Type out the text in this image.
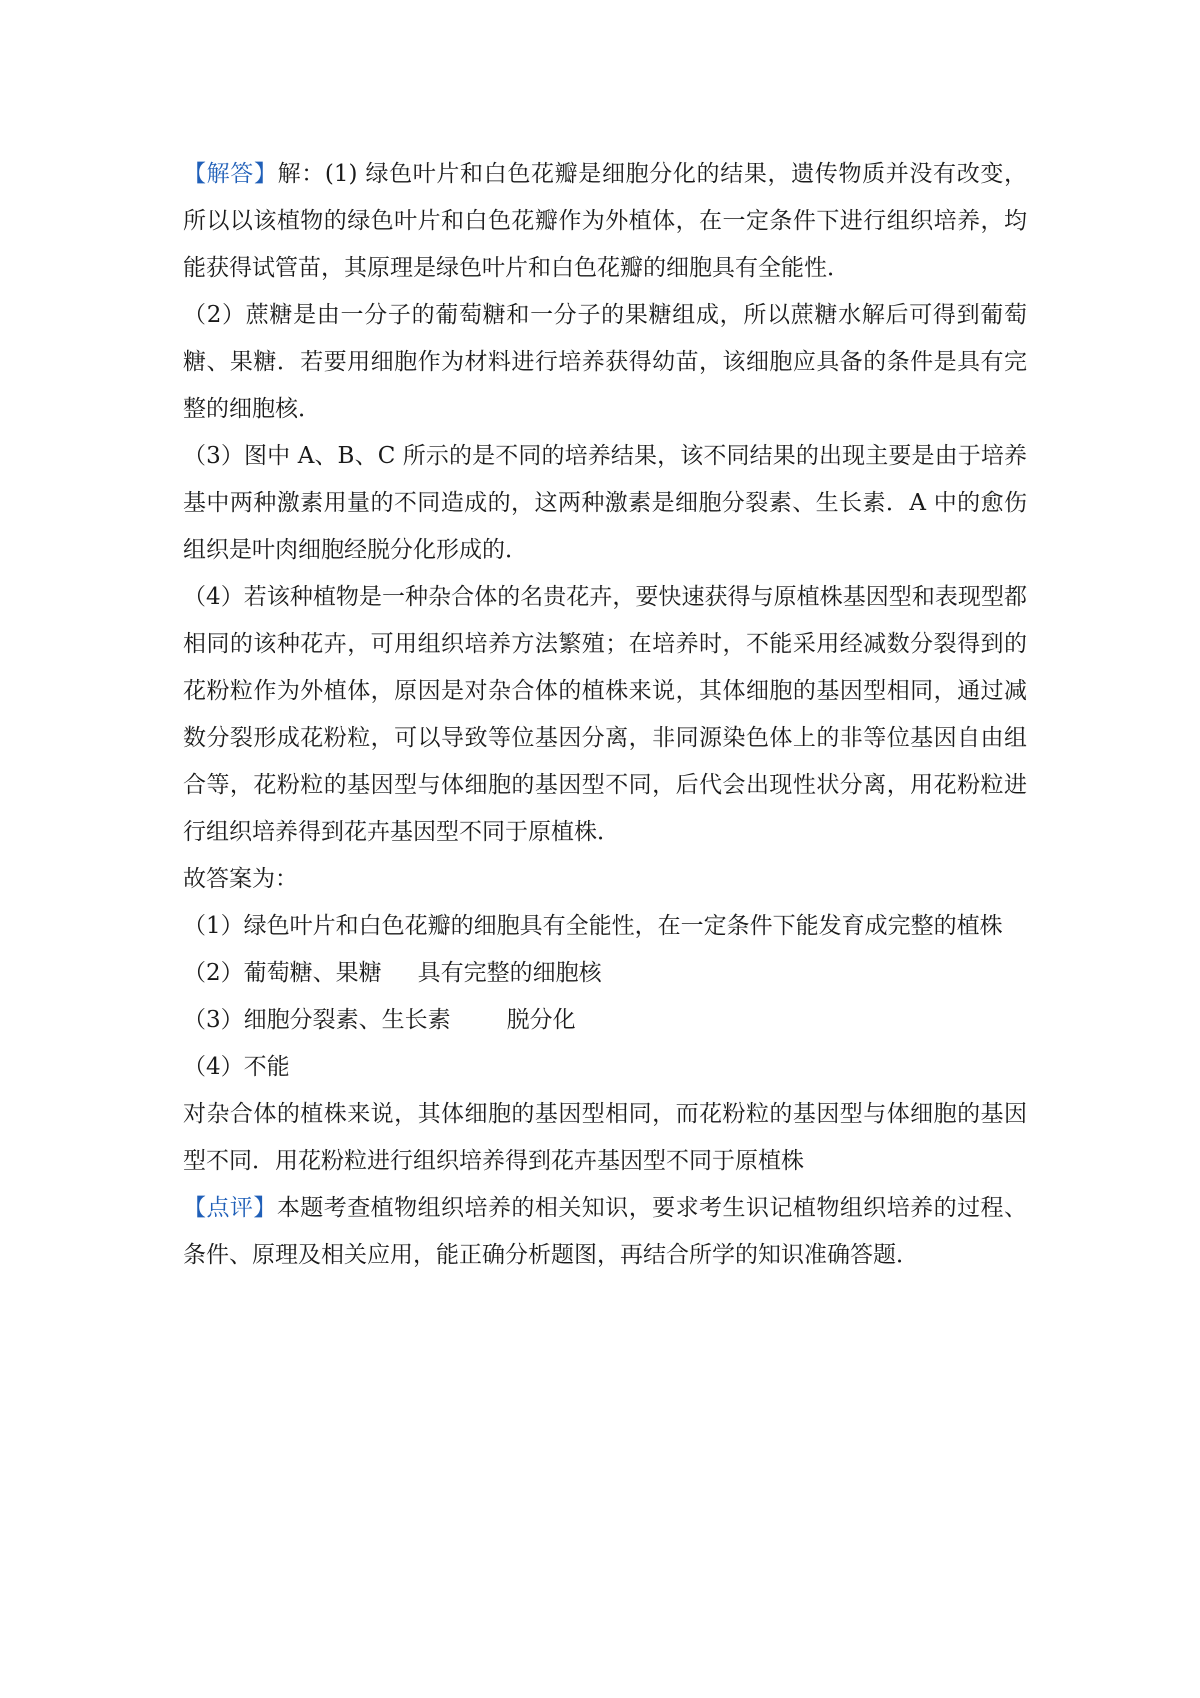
【解答】解：(1) 绿色叶片和白色花瓣是细胞分化的结果，遗传物质并没有改变，所以以该植物的绿色叶片和白色花瓣作为外植体，在一定条件下进行组织培养，均能获得试管苗，其原理是绿色叶片和白色花瓣的细胞具有全能性．

（2）蔗糖是由一分子的葡萄糖和一分子的果糖组成，所以蔗糖水解后可得到葡萄糖、果糖．若要用细胞作为材料进行培养获得幼苗，该细胞应具备的条件是具有完整的细胞核．

（3）图中 A、B、C 所示的是不同的培养结果，该不同结果的出现主要是由于培养基中两种激素用量的不同造成的，这两种激素是细胞分裂素、生长素．A 中的愈伤组织是叶肉细胞经脱分化形成的．

（4）若该种植物是一种杂合体的名贵花卉，要快速获得与原植株基因型和表现型都相同的该种花卉，可用组织培养方法繁殖；在培养时，不能采用经减数分裂得到的花粉粒作为外植体，原因是对杂合体的植株来说，其体细胞的基因型相同，通过减数分裂形成花粉粒，可以导致等位基因分离，非同源染色体上的非等位基因自由组合等，花粉粒的基因型与体细胞的基因型不同，后代会出现性状分离，用花粉粒进行组织培养得到花卉基因型不同于原植株．

故答案为：

（1）绿色叶片和白色花瓣的细胞具有全能性，在一定条件下能发育成完整的植株

（2）葡萄糖、果糖 具有完整的细胞核

（3）细胞分裂素、生长素 脱分化

（4）不能

对杂合体的植株来说，其体细胞的基因型相同，而花粉粒的基因型与体细胞的基因型不同．用花粉粒进行组织培养得到花卉基因型不同于原植株

【点评】本题考查植物组织培养的相关知识，要求考生识记植物组织培养的过程、条件、原理及相关应用，能正确分析题图，再结合所学的知识准确答题．
